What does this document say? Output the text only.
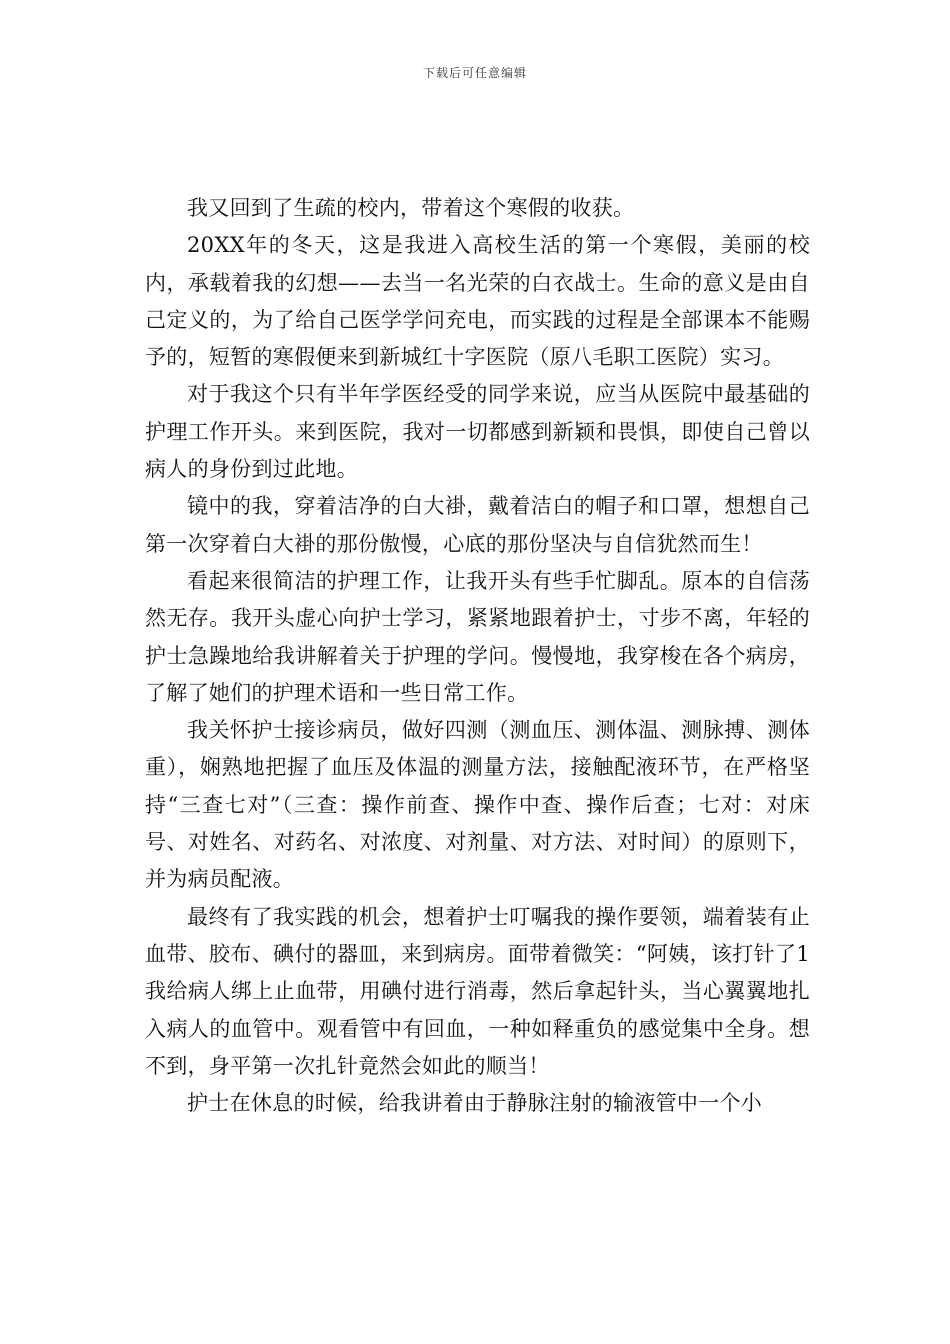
下载后可任意编辑

我又回到了生疏的校内，带着这个寒假的收获。

20XX年的冬天，这是我进入高校生活的第一个寒假，美丽的校内，承载着我的幻想——去当一名光荣的白衣战士。生命的意义是由自己定义的，为了给自己医学学问充电，而实践的过程是全部课本不能赐予的，短暂的寒假便来到新城红十字医院（原八毛职工医院）实习。

对于我这个只有半年学医经受的同学来说，应当从医院中最基础的护理工作开头。来到医院，我对一切都感到新颖和畏惧，即使自己曾以病人的身份到过此地。

镜中的我，穿着洁净的白大褂，戴着洁白的帽子和口罩，想想自己第一次穿着白大褂的那份傲慢，心底的那份坚决与自信犹然而生！

看起来很简洁的护理工作，让我开头有些手忙脚乱。原本的自信荡然无存。我开头虚心向护士学习，紧紧地跟着护士，寸步不离，年轻的护士急躁地给我讲解着关于护理的学问。慢慢地，我穿梭在各个病房，了解了她们的护理术语和一些日常工作。

我关怀护士接诊病员，做好四测（测血压、测体温、测脉搏、测体重），娴熟地把握了血压及体温的测量方法，接触配液环节，在严格坚持“三查七对”（三查：操作前查、操作中查、操作后查；七对：对床号、对姓名、对药名、对浓度、对剂量、对方法、对时间）的原则下，并为病员配液。

最终有了我实践的机会，想着护士叮嘱我的操作要领，端着装有止血带、胶布、碘付的器皿，来到病房。面带着微笑：“阿姨，该打针了1我给病人绑上止血带，用碘付进行消毒，然后拿起针头，当心翼翼地扎入病人的血管中。观看管中有回血，一种如释重负的感觉集中全身。想不到，身平第一次扎针竟然会如此的顺当！

护士在休息的时候，给我讲着由于静脉注射的输液管中一个小
